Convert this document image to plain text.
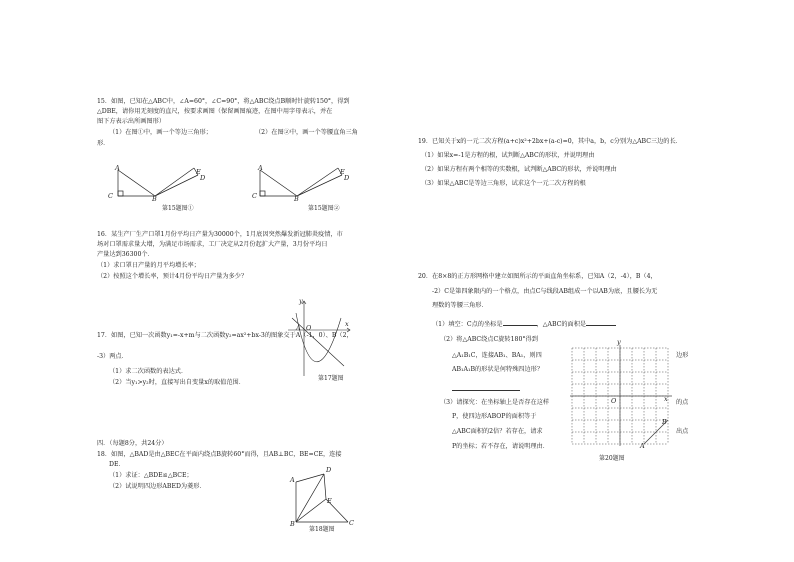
15．如图，已知在△ABC中，∠A=60°，∠C=90°，将△ABC绕点B顺时针旋转150°，得到
△DBE，请你用无刻度的直尺，按要求画图（保留画图痕迹，在图中用字母表示，并在
图下方表示出所画图形）
（1）在图①中，画一个等边三角形；	（2）在图②中，画一个等腰直角三角
形．
A
C	B
E
D
第15题图①
A
C	B
E
D
第15题图②
16．某生产厂生产口罩1月份平均日产量为30000个，1月底因突然爆发新冠肺炎疫情，市
场对口罩需求量大增，为满足市场需求，工厂决定从2月份起扩大产量，3月份平均日
产量达到36300个．
（1）求口罩日产量的月平均增长率；
（2）按照这个增长率，预计4月份平均日产量为多少？
17．如图，已知一次函数y₁=-x+m与二次函数y₂=ax²+bx-3的图象交于A（-1，0）、B（2，
-3）两点．
（1）求二次函数的表达式．
（2）当y₁>y₂时，直接写出自变量x的取值范围．
y
x
A O
第17题图
四．（每题8分，共24分）
18．如图，△BAD是由△BEC在平面内绕点B旋转60°而得，且AB⊥BC，BE=CE，连接
DE．
（1）求证：△BDE≌△BCE；
（2）试说明四边形ABED为菱形．
A
D
E
B	C
第18题图
19．已知关于x的一元二次方程(a+c)x²+2bx+(a-c)=0，其中a，b，c分别为△ABC三边的长．
（1）如果x=-1是方程的根，试判断△ABC的形状，并说明理由
（2）如果方程有两个相等的实数根，试判断△ABC的形状，并说明理由
（3）如果△ABC是等边三角形，试求这个一元二次方程的根
20．在8×8的正方形网格中建立如图所示的平面直角坐标系，已知A（2，-4），B（4，
-2）C是第四象限内的一个格点，由点C与线段AB组成一个以AB为底，且腰长为无
理数的等腰三角形．
（1）填空：C点的坐标是	，△ABC的面积是
（2）将△ABC绕点C旋转180°得到
△A₁B₁C，连接AB₁、BA₁，则四	边形
AB₁A₁B的形状是何特殊四边形？
（3）请探究：在坐标轴上是否存在这样	的点
P，使四边形ABOP的面积等于
△ABC面积的2倍？若存在，请求	出点
P的坐标；若不存在，请说明理由．
y
x
O
B
A
第20题图
